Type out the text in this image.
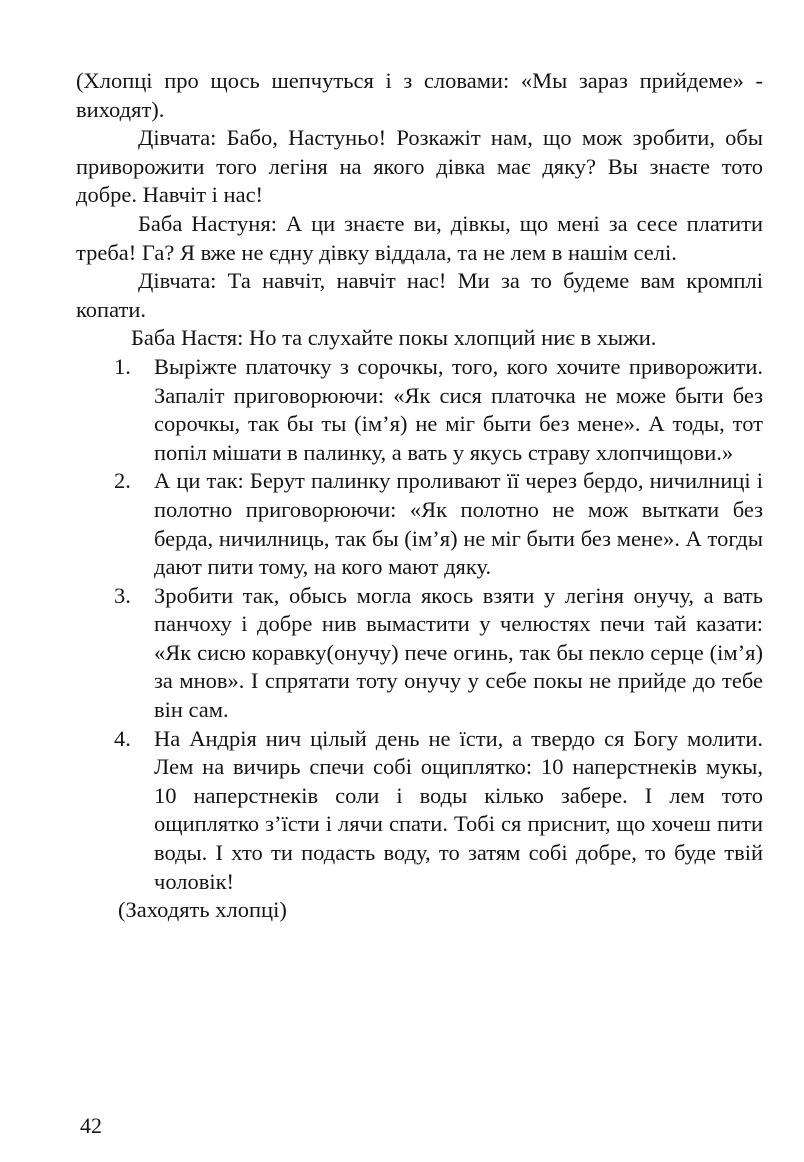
(Хлопці про щось шепчуться і з словами: «Мы зараз прийдеме» - виходят).

Дівчата: Бабо, Настуньо! Розкажіт нам, що мож зробити, обы приворожити того легіня на якого дівка має дяку? Вы знаєте тото добре. Навчіт і нас!

Баба Настуня: А ци знаєте ви, дівкы, що мені за сесе платити треба! Га? Я вже не єдну дівку віддала, та не лем в нашім селі.

Дівчата: Та навчіт, навчіт нас! Ми за то будеме вам кромплі копати.

Баба Настя: Но та слухайте покы хлопций ниє в хыжи.

1.	Выріжте платочку з сорочкы, того, кого хочите приворожити. Запаліт приговорюючи: «Як сися платочка не може быти без сорочкы, так бы ты (ім’я) не міг быти без мене». А тоды, тот попіл мішати в палинку, а вать у якусь страву хлопчищови.»
2.	А ци так: Берут палинку проливают її через бердо, ничилниці і полотно приговорюючи: «Як полотно не мож выткати без берда, ничилниць, так бы (ім’я) не міг быти без мене». А тогды дают пити тому, на кого мают дяку.
3.	Зробити так, обысь могла якось взяти у легіня онучу, а вать панчоху і добре нив вымастити у челюстях печи тай казати: «Як сисю коравку(онучу) пече огинь, так бы пекло серце (ім’я) за мнов». І спрятати тоту онучу у себе покы не прийде до тебе він сам.
4.	На Андрія нич цілый день не їсти, а твердо ся Богу молити. Лем на вичирь спечи собі ощиплятко: 10 наперстнеків мукы, 10 наперстнеків соли і воды кілько забере. І лем тото ощиплятко з’їсти і лячи спати. Тобі ся приснит, що хочеш пити воды. І хто ти подасть воду, то затям собі добре, то буде твій чоловік!

(Заходять хлопці)

42
